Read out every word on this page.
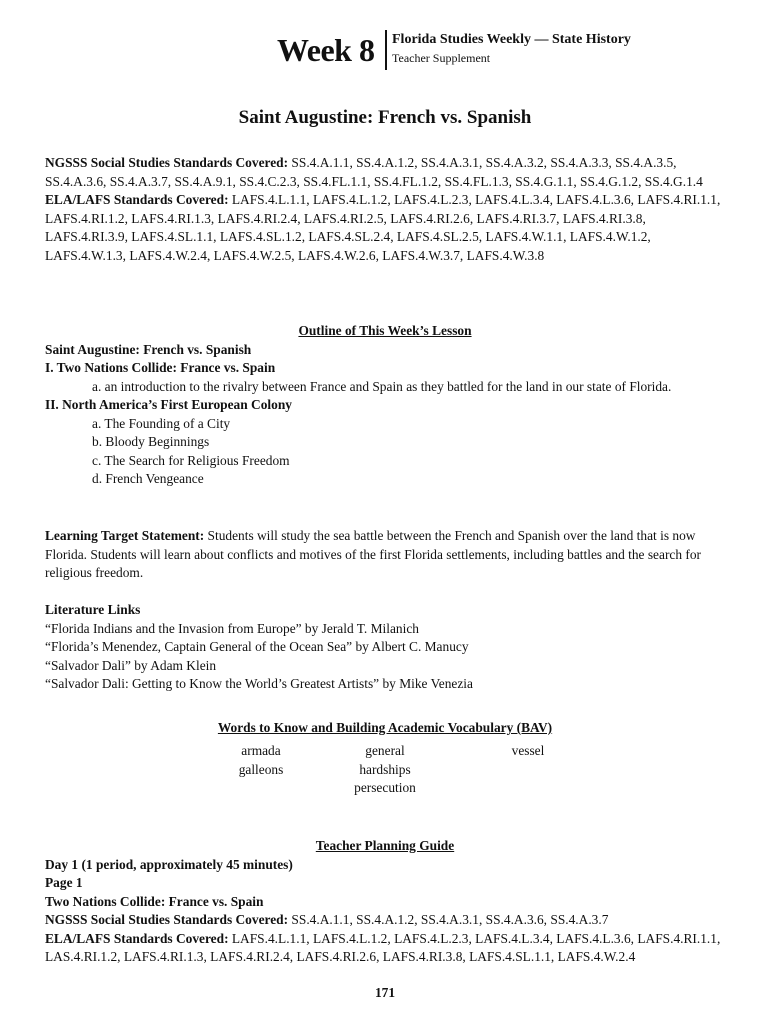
Week 8 Florida Studies Weekly — State History
Teacher Supplement
Saint Augustine: French vs. Spanish
NGSSS Social Studies Standards Covered: SS.4.A.1.1, SS.4.A.1.2, SS.4.A.3.1, SS.4.A.3.2, SS.4.A.3.3, SS.4.A.3.5, SS.4.A.3.6, SS.4.A.3.7, SS.4.A.9.1, SS.4.C.2.3, SS.4.FL.1.1, SS.4.FL.1.2, SS.4.FL.1.3, SS.4.G.1.1, SS.4.G.1.2, SS.4.G.1.4
ELA/LAFS Standards Covered: LAFS.4.L.1.1, LAFS.4.L.1.2, LAFS.4.L.2.3, LAFS.4.L.3.4, LAFS.4.L.3.6, LAFS.4.RI.1.1, LAFS.4.RI.1.2, LAFS.4.RI.1.3, LAFS.4.RI.2.4, LAFS.4.RI.2.5, LAFS.4.RI.2.6, LAFS.4.RI.3.7, LAFS.4.RI.3.8, LAFS.4.RI.3.9, LAFS.4.SL.1.1, LAFS.4.SL.1.2, LAFS.4.SL.2.4, LAFS.4.SL.2.5, LAFS.4.W.1.1, LAFS.4.W.1.2, LAFS.4.W.1.3, LAFS.4.W.2.4, LAFS.4.W.2.5, LAFS.4.W.2.6, LAFS.4.W.3.7, LAFS.4.W.3.8
Outline of This Week’s Lesson
Saint Augustine: French vs. Spanish
I. Two Nations Collide: France vs. Spain
a. an introduction to the rivalry between France and Spain as they battled for the land in our state of Florida.
II. North America’s First European Colony
a. The Founding of a City
b. Bloody Beginnings
c. The Search for Religious Freedom
d. French Vengeance
Learning Target Statement: Students will study the sea battle between the French and Spanish over the land that is now Florida. Students will learn about conflicts and motives of the first Florida settlements, including battles and the search for religious freedom.
Literature Links
“Florida Indians and the Invasion from Europe” by Jerald T. Milanich
“Florida’s Menendez, Captain General of the Ocean Sea” by Albert C. Manucy
“Salvador Dali” by Adam Klein
“Salvador Dali: Getting to Know the World’s Greatest Artists” by Mike Venezia
Words to Know and Building Academic Vocabulary (BAV)
armada
galleons
general
hardships
persecution
vessel
Teacher Planning Guide
Day 1 (1 period, approximately 45 minutes)
Page 1
Two Nations Collide: France vs. Spain
NGSSS Social Studies Standards Covered: SS.4.A.1.1, SS.4.A.1.2, SS.4.A.3.1, SS.4.A.3.6, SS.4.A.3.7
ELA/LAFS Standards Covered: LAFS.4.L.1.1, LAFS.4.L.1.2, LAFS.4.L.2.3, LAFS.4.L.3.4, LAFS.4.L.3.6, LAFS.4.RI.1.1, LAS.4.RI.1.2, LAFS.4.RI.1.3, LAFS.4.RI.2.4, LAFS.4.RI.2.6, LAFS.4.RI.3.8, LAFS.4.SL.1.1, LAFS.4.W.2.4
171
